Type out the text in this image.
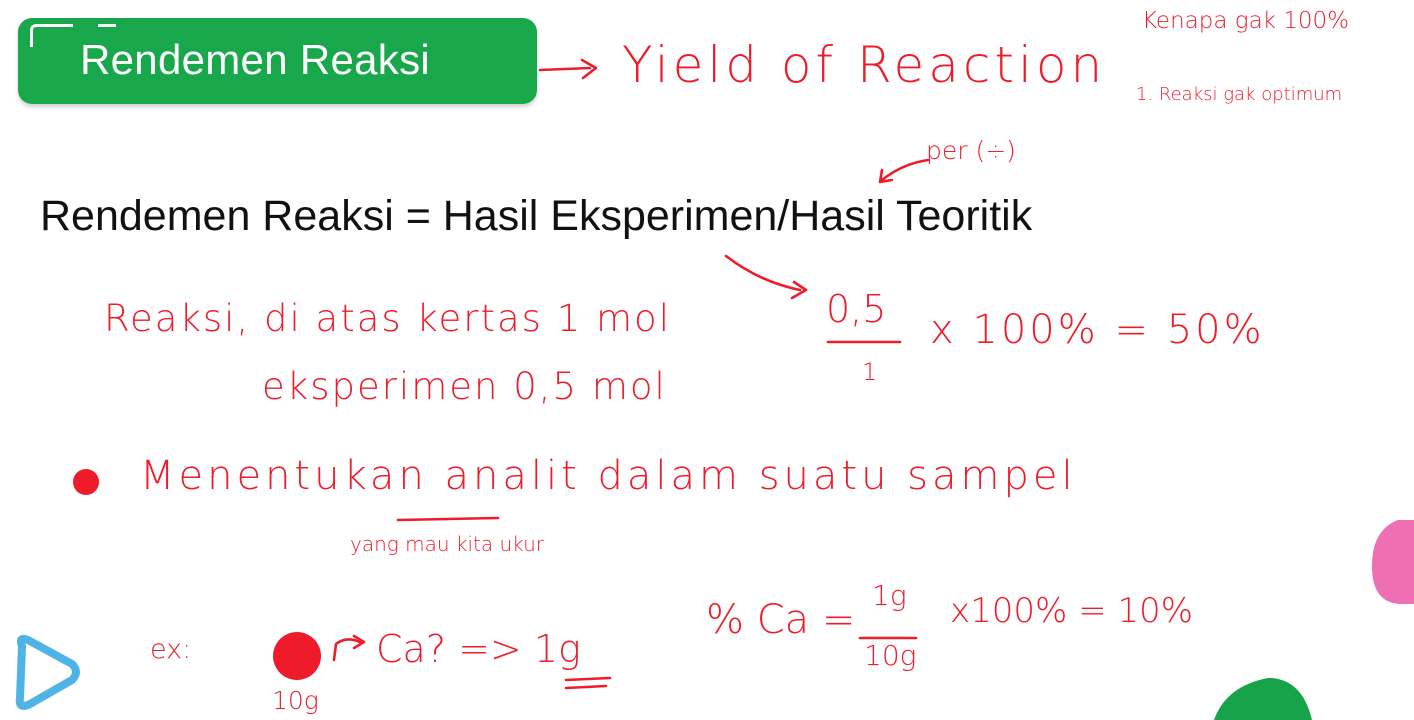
Rendemen Reaksi
Rendemen Reaksi = Hasil Eksperimen/Hasil Teoritik
Yield of Reaction
Kenapa gak 100%
1. Reaksi gak optimum
per (÷)
Reaksi, di atas kertas 1 mol
eksperimen 0,5 mol
0,5
1
x 100% = 50%
Menentukan analit dalam suatu sampel
yang mau kita ukur
ex:	Ca? => 1g
10g
% Ca =
1g
10g
x100% = 10%
